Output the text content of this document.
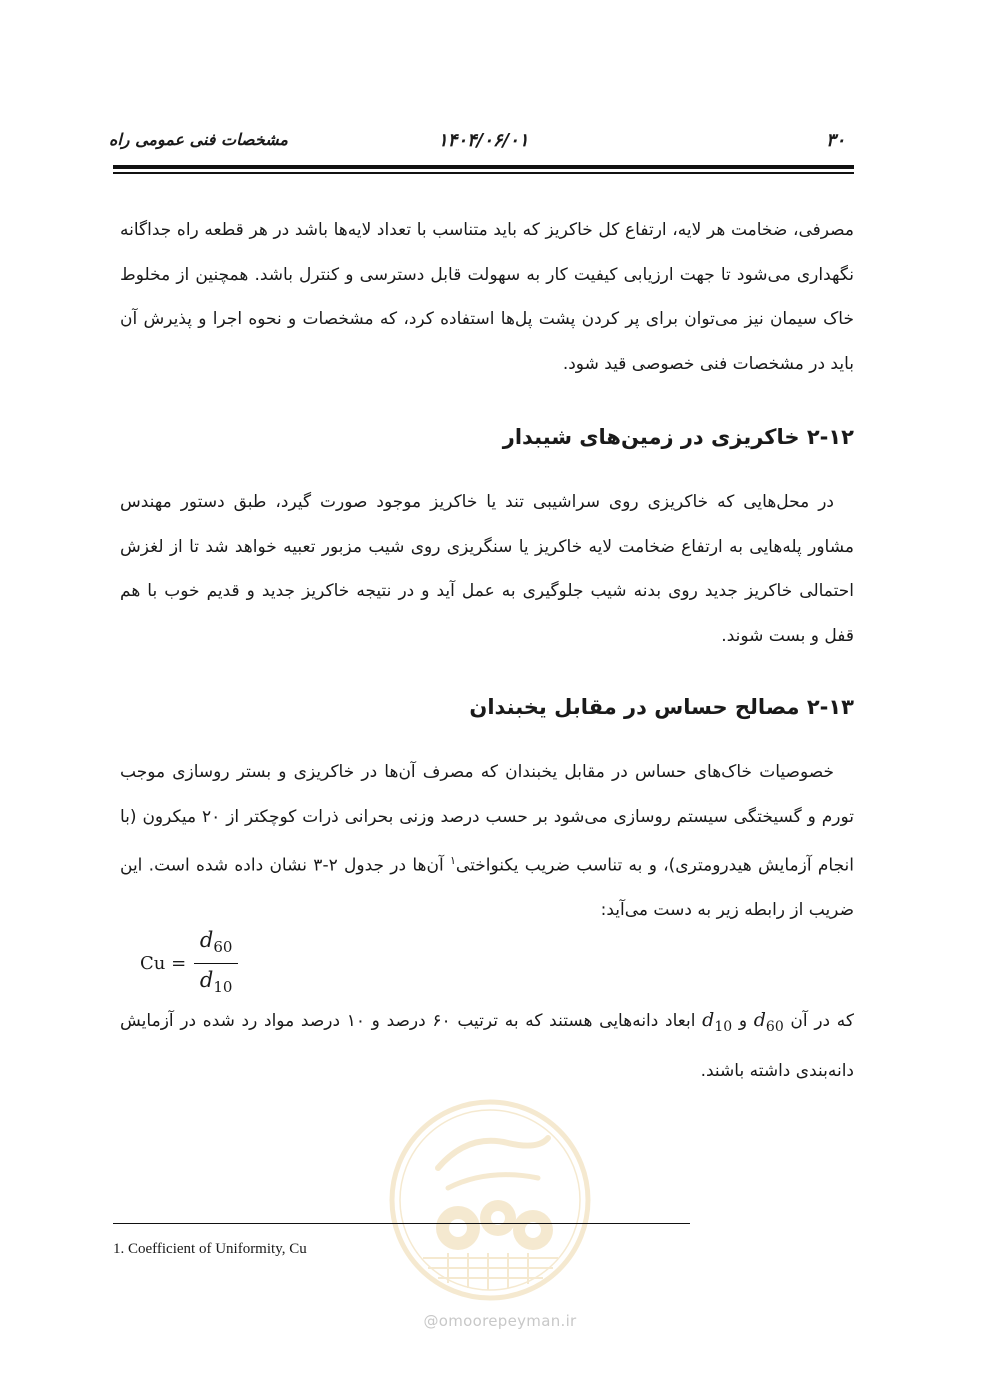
مشخصات فنی عمومی راه	۱۴۰۴/۰۶/۰۱	۳۰
مصرفی، ضخامت هر لایه، ارتفاع کل خاکریز که باید متناسب با تعداد لایه‌ها باشد در هر قطعه راه جداگانه نگهداری می‌شود تا جهت ارزیابی کیفیت کار به سهولت قابل دسترسی و کنترل باشد. همچنین از مخلوط خاک سیمان نیز می‌توان برای پر کردن پشت پل‌ها استفاده کرد، که مشخصات و نحوه اجرا و پذیرش آن باید در مشخصات فنی خصوصی قید شود.
۲-۱۲ خاکریزی در زمین‌های شیبدار
در محل‌هایی که خاکریزی روی سراشیبی تند یا خاکریز موجود صورت گیرد، طبق دستور مهندس مشاور پله‌هایی به ارتفاع ضخامت لایه خاکریز یا سنگریزی روی شیب مزبور تعبیه خواهد شد تا از لغزش احتمالی خاکریز جدید روی بدنه شیب جلوگیری به عمل آید و در نتیجه خاکریز جدید و قدیم خوب با هم قفل و بست شوند.
۲-۱۳ مصالح حساس در مقابل یخبندان
خصوصیات خاک‌های حساس در مقابل یخبندان که مصرف آن‌ها در خاکریزی و بستر روسازی موجب تورم و گسیختگی سیستم روسازی می‌شود بر حسب درصد وزنی بحرانی ذرات کوچکتر از ۲۰ میکرون (با انجام آزمایش هیدرومتری)، و به تناسب ضریب یکنواختی$^۱$ آن‌ها در جدول ۲-۳ نشان داده شده است. این ضریب از رابطه زیر به دست می‌آید:
$Cu = \frac{d_{60}}{d_{10}}$
که در آن $d_{60}$ و $d_{10}$ ابعاد دانه‌هایی هستند که به ترتیب ۶۰ درصد و ۱۰ درصد مواد رد شده در آزمایش دانه‌بندی داشته باشند.
@omoorepeyman.ir
1. Coefficient of Uniformity, Cu
